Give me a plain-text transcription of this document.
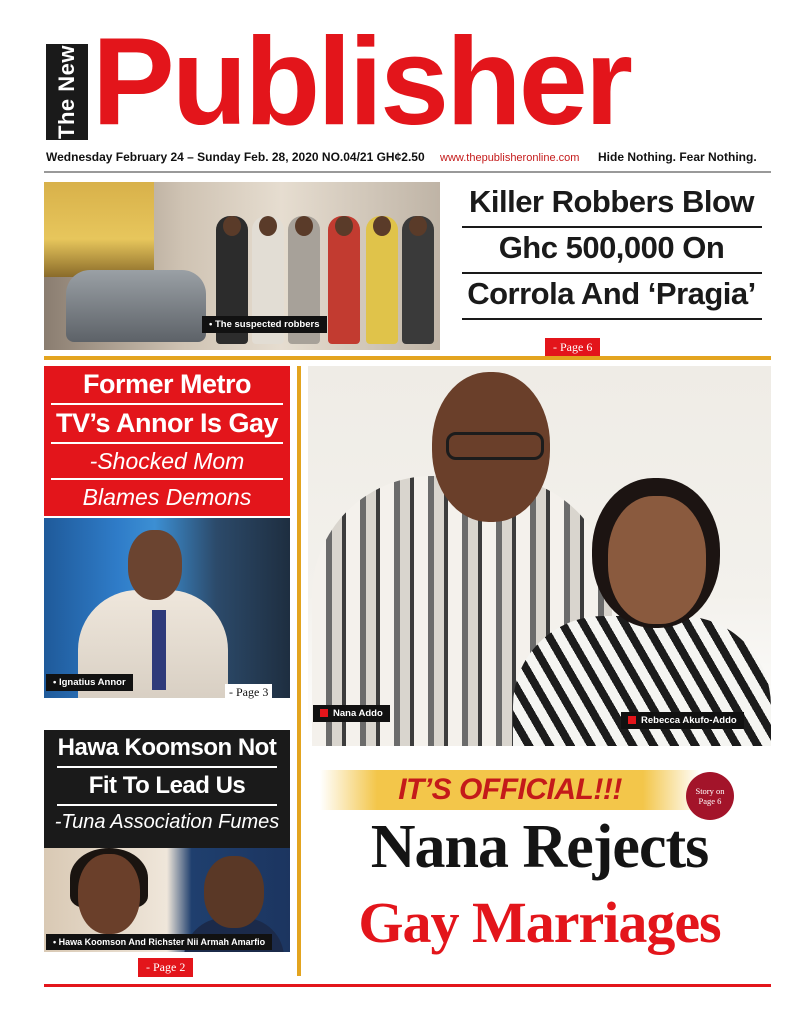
The New Publisher
Wednesday February 24 – Sunday Feb. 28, 2020 NO.04/21 GH¢2.50 www.thepublisheronline.com Hide Nothing. Fear Nothing.
• The suspected robbers
Killer Robbers Blow
Ghc 500,000 On
Corrola And ‘Pragia’
- Page 6
Former Metro
TV’s Annor Is Gay
-Shocked Mom
Blames Demons
• Ignatius Annor
- Page 3
Nana Addo
Rebecca Akufo-Addo
IT’S OFFICIAL!!!	Story on
Page 6
Nana Rejects
Gay Marriages
Hawa Koomson Not
Fit To Lead Us
-Tuna Association Fumes
• Hawa Koomson And Richster Nii Armah Amarfio
- Page 2
